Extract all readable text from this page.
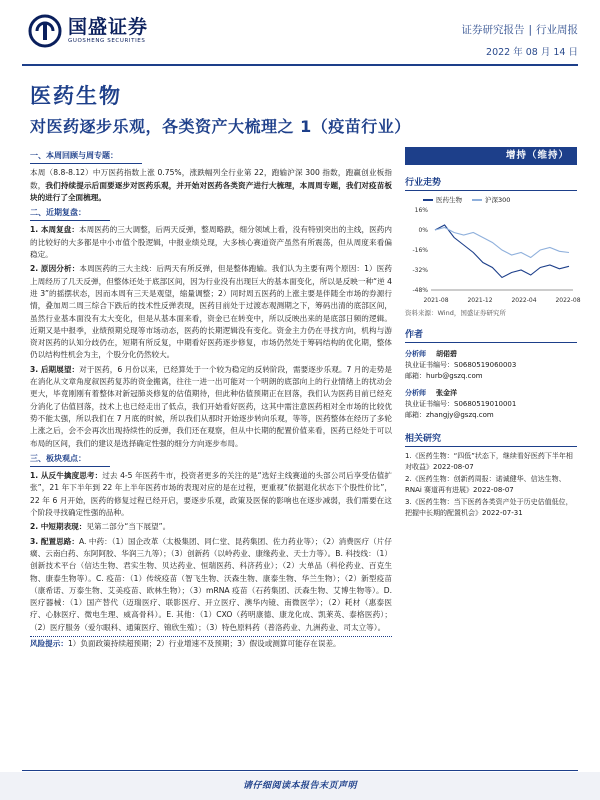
国盛证券
GUOSHENG SECURITIES
证券研究报告 | 行业周报
2022 年 08 月 14 日
医药生物
对医药逐步乐观，各类资产大梳理之 1（疫苗行业）
一、本周回顾与周专题：
本周（8.8-8.12）中万医药指数上涨 0.75%，涨跌幅列全行业第 22，跑输沪深 300 指数，跑赢创业板指数，我们持续提示后面要逐步对医药乐观，并开始对医药各类资产进行大梳理，本周周专题，我们对疫苗板块的进行了全面梳理。
二、近期复盘：
1. 本周复盘：本周医药的三大调整，后两天反弹，整周略跌，细分领域上看，没有特别突出的主线，医药内的比较好的大多都是中小市值个股逻辑，中报业绩兑现，大多核心赛道资产虽然有所震荡，但从周度来看偏稳定。
2. 原因分析：本周医药的三大主线：后两天有所反弹，但是整体跑输。我们认为主要有两个原因：1）医药上周经历了几天反弹，但整体还处于底部区间，因为行业没有出现巨大的基本面变化，所以是反映一种“逆 4 进 3”的摇摆状态，因而本周有三天是观望，缩量调整；2）同时周五医药的上涨主要是伴随全市场的券源行情，叠加周二周三综合下跌后的技术性反弹表现，医药目前处于过渡态观测期之下，筹码出清的底部区间，虽然行业基本面没有太大变化，但是从基本面来看，资金已在转变中，所以反映出来的是底部日频的逻辑。近期又是中报季，业绩预期兑现等市场动态，医药的长期逻辑没有变化。资金主力仍在寻找方向，机构与游资对医药的认知分歧仍在，短期有所反复，中期看好医药逐步修复，市场仍然处于筹码结构的优化期，整体仍以结构性机会为主，个股分化仍然较大。
3. 后期展望：对于医药，6 月份以来，已经算处于一个较为稳定的反转阶段，需要逐步乐观。7 月的走势是在消化从文章角度叙医药复苏的资金搬离，往往一进一出可能对一个明朗的底部向上的行业情绪上的扰动会更大，毕竟刚刚有着整体对新冠肺炎修复的估值期待，但此种估值预期正在回落，我们认为医药目前已经充分消化了估值回落，技术上也已经走出了低点，我们开始看好医药，这其中需注意医药相对全市场的比较优势不能太强，所以我们在 7 月底的时候，所以我们从那时开始逐步转向乐观，等等，医药整体在经历了多轮上涨之后，会不会再次出现持续性的反弹，我们还在观察，但从中长期的配置价值来看，医药已经处于可以布局的区间，我们的建议是选择确定性强的细分方向逐步布局。
三、板块观点：
1. 从反牛擒度思考：过去 4-5 年医药牛市，投资者更多的关注的是“选好主线赛道的头部公司后享受估值扩张”，21 年下半年到 22 年上半年医药市场的表现对应的是在过程，更重视“依据退化状态下个股性价比”，22 年 6 月开始，医药的修复过程已经开启，要逐步乐观，政策及医保的影响也在逐步减弱，我们需要在这个阶段寻找确定性强的品种。
2. 中短期表现：见第二部分“当下展望”。
3. 配置思路：A. 中药：（1）国企改革（太极集团、同仁堂、昆药集团、佐力药业等）；（2）消费医疗（片仔癀、云南白药、东阿阿胶、华润三九等）；（3）创新药（以岭药业、康缘药业、天士力等）。B. 科技线：（1）创新技术平台（信达生物、君实生物、贝达药业、恒瑞医药、科济药业）；（2）大单品（科伦药业、百克生物、康泰生物等）。C. 疫苗：（1）传统疫苗（智飞生物、沃森生物、康泰生物、华兰生物）；（2）新型疫苗（康希诺、万泰生物、艾美疫苗、欧林生物）；（3）mRNA 疫苗（石药集团、沃森生物、艾博生物等）。D. 医疗器械：（1）国产替代（迈瑞医疗、联影医疗、开立医疗、澳华内镜、南微医学）；（2）耗材（惠泰医疗、心脉医疗、微电生理、威高骨科）。E. 其他：（1）CXO（药明康德、康龙化成、凯莱英、泰格医药）；（2）医疗服务（爱尔眼科、通策医疗、锦欣生殖）；（3）特色原料药（普洛药业、九洲药业、司太立等）。
风险提示：1）负面政策持续超预期；2）行业增速不及预期；3）假设或测算可能存在误差。
增持（维持）
行业走势
医药生物	沪深300
16%
0%
-16%
-32%
-48%
2021-08	2021-12	2022-04	2022-08
资料来源：Wind，国盛证券研究所
作者
分析师 胡偌碧
执业证书编号：S0680519060003
邮箱：hurb@gszq.com
分析师 张金洋
执业证书编号：S0680519010001
邮箱：zhangjy@gszq.com
相关研究
1.《医药生物：“四低”状态下，继续看好医药下半年相对收益》2022-08-07
2.《医药生物：创新药周报：诺诚健华、信达生物、RNAi 赛道再有进展》2022-08-07
3.《医药生物：当下医药各类资产处于历史估值低位，把握中长期的配置机会》2022-07-31
请仔细阅读本报告末页声明
